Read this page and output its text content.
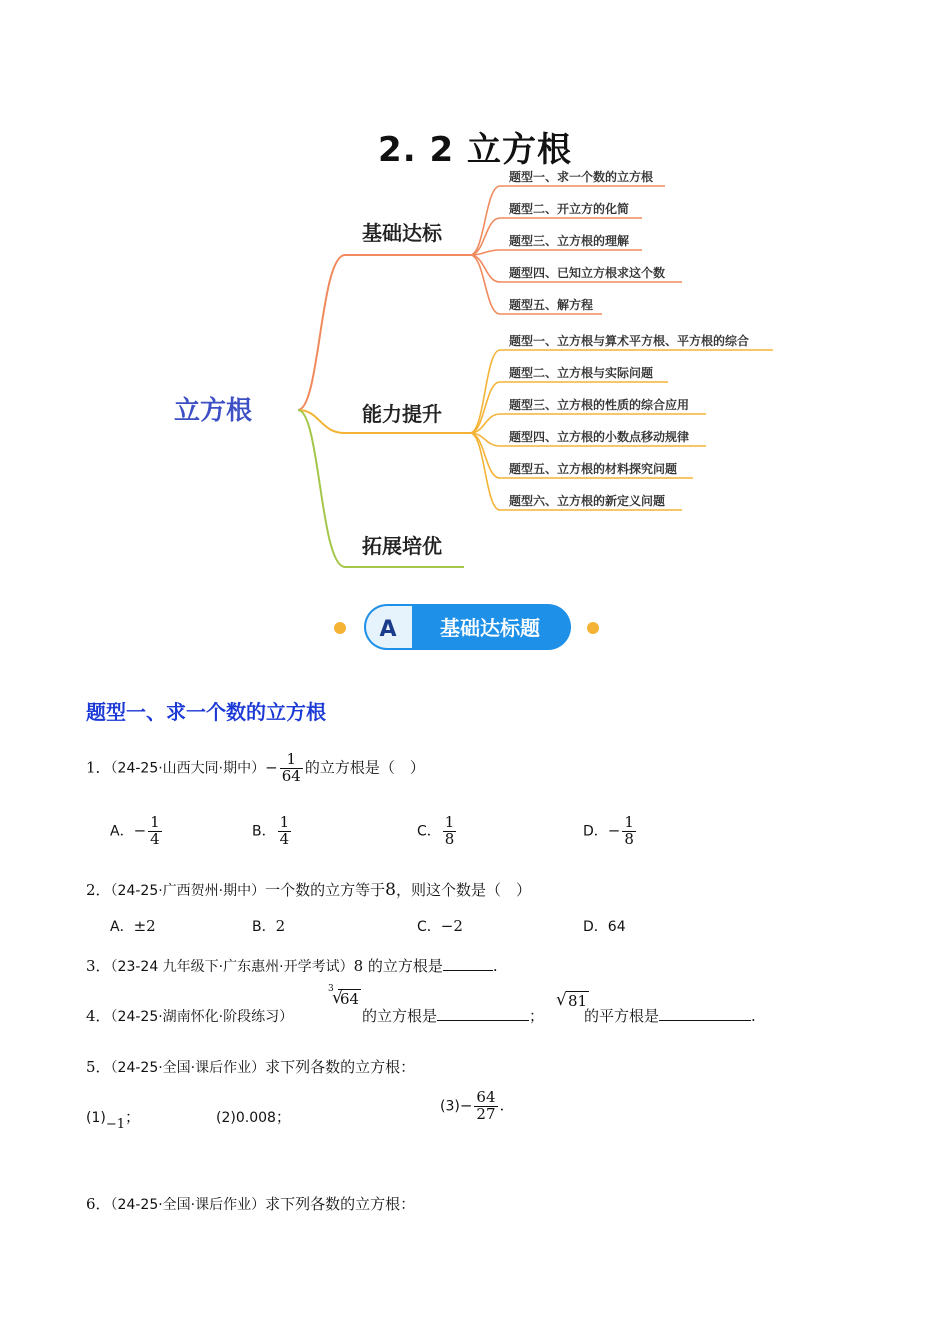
2. 2 立方根
立方根
基础达标
能力提升
拓展培优
题型一、求一个数的立方根
题型二、开立方的化简
题型三、立方根的理解
题型四、已知立方根求这个数
题型五、解方程
题型一、立方根与算术平方根、平方根的综合
题型二、立方根与实际问题
题型三、立方根的性质的综合应用
题型四、立方根的小数点移动规律
题型五、立方根的材料探究问题
题型六、立方根的新定义问题
A 基础达标题
题型一、求一个数的立方根
1．（24-25·山西大同·期中）− $\frac{1}{64}$ 的立方根是（　）
A．− $\frac{1}{4}$	B． $\frac{1}{4}$	C． $\frac{1}{8}$	D．− $\frac{1}{8}$
2．（24-25·广西贺州·期中）一个数的立方等于8，则这个数是（　）
A．±2	B．2	C．−2	D．64
3．（23-24 九年级下·广东惠州·开学考试）8 的立方根是	.
4．（24-25·湖南怀化·阶段练习）
3
√
64
的立方根是	；
√ 81
的平方根是	.
5．（24-25·全国·课后作业）求下列各数的立方根：
(1)−1；	(2)0.008；
$(3)- \frac{64}{27}$ .
6．（24-25·全国·课后作业）求下列各数的立方根：
